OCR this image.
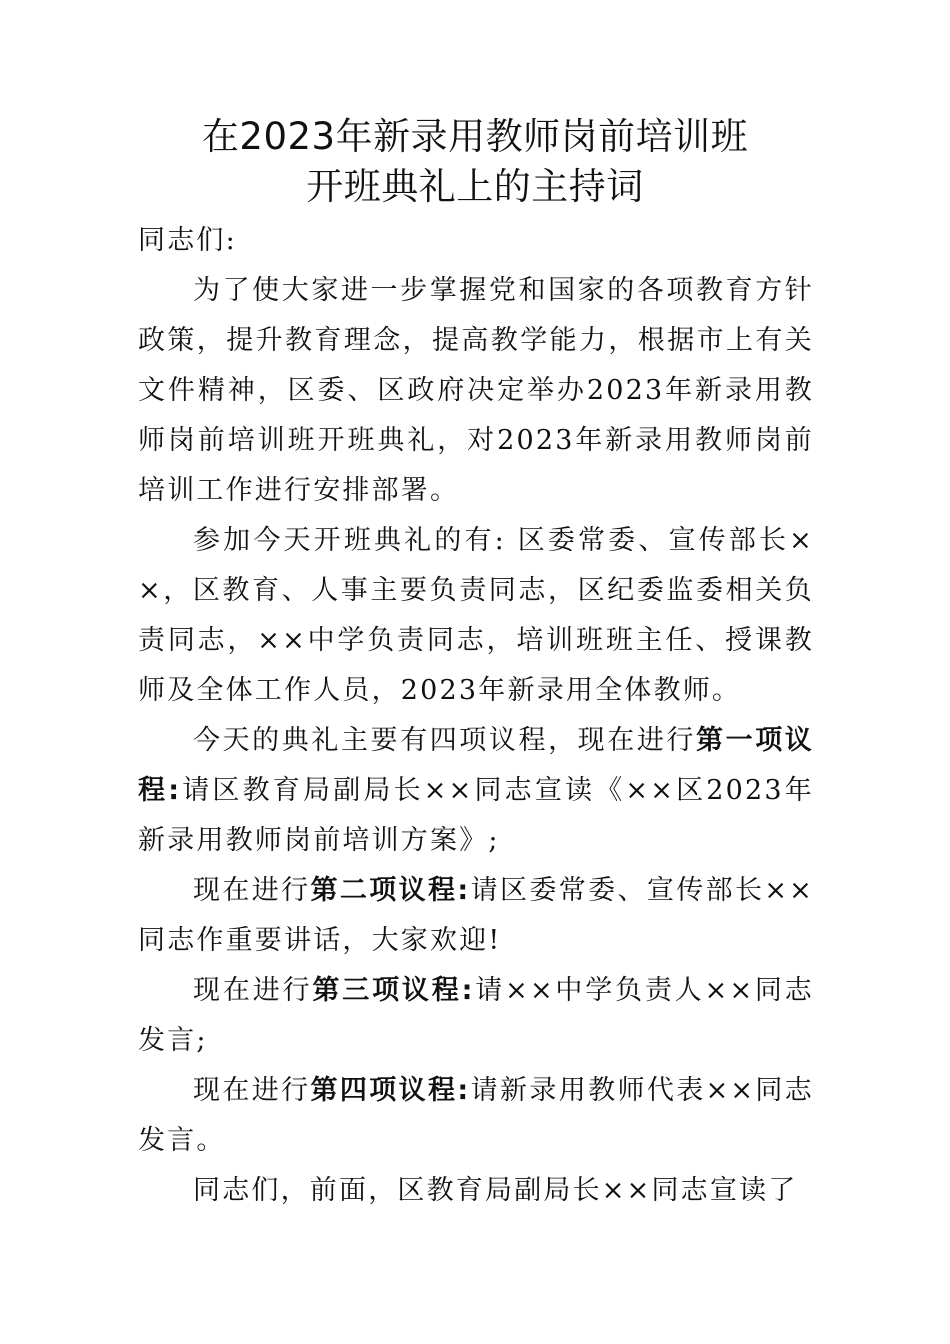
在2023年新录用教师岗前培训班
开班典礼上的主持词

同志们:

为了使大家进一步掌握党和国家的各项教育方针政策，提升教育理念，提高教学能力，根据市上有关文件精神，区委、区政府决定举办2023年新录用教师岗前培训班开班典礼，对2023年新录用教师岗前培训工作进行安排部署。

参加今天开班典礼的有: 区委常委、宣传部长××，区教育、人事主要负责同志，区纪委监委相关负责同志，××中学负责同志，培训班班主任、授课教师及全体工作人员，2023年新录用全体教师。

今天的典礼主要有四项议程，现在进行第一项议程:请区教育局副局长××同志宣读《××区2023年新录用教师岗前培训方案》;

现在进行第二项议程:请区委常委、宣传部长××同志作重要讲话，大家欢迎!

现在进行第三项议程:请××中学负责人××同志发言;

现在进行第四项议程:请新录用教师代表××同志发言。

同志们，前面，区教育局副局长××同志宣读了
